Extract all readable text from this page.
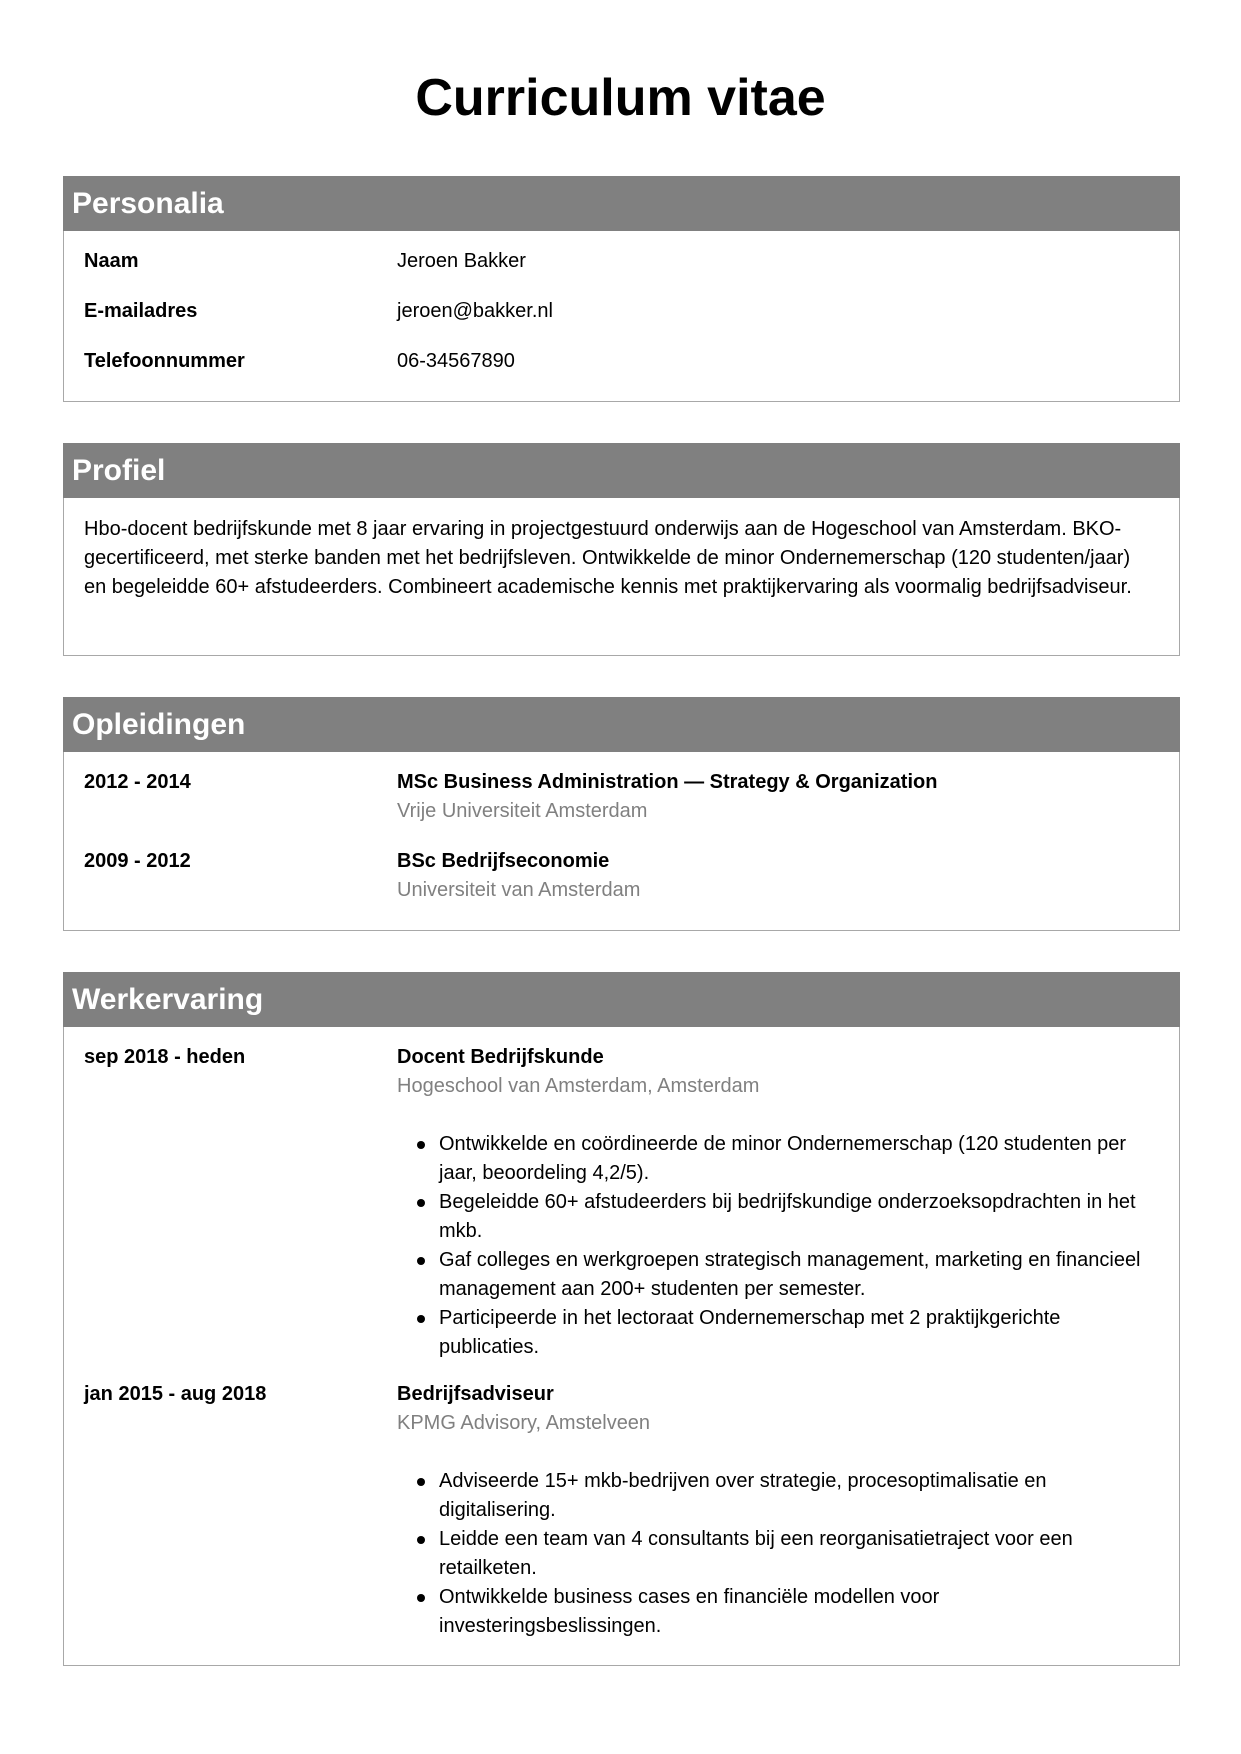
Curriculum vitae
Personalia
Naam	Jeroen Bakker
E-mailadres	jeroen@bakker.nl
Telefoonnummer	06-34567890
Profiel

Hbo-docent bedrijfskunde met 8 jaar ervaring in projectgestuurd onderwijs aan de Hogeschool van Amsterdam. BKO-gecertificeerd, met sterke banden met het bedrijfsleven. Ontwikkelde de minor Ondernemerschap (120 studenten/jaar) en begeleidde 60+ afstudeerders. Combineert academische kennis met praktijkervaring als voormalig bedrijfsadviseur.

Opleidingen
2012 - 2014	MSc Business Administration — Strategy & Organization
Vrije Universiteit Amsterdam
2009 - 2012	BSc Bedrijfseconomie
Universiteit van Amsterdam
Werkervaring
sep 2018 - heden	Docent Bedrijfskunde
Hogeschool van Amsterdam, Amsterdam
Ontwikkelde en coördineerde de minor Ondernemerschap (120 studenten per jaar, beoordeling 4,2/5).
Begeleidde 60+ afstudeerders bij bedrijfskundige onderzoeksopdrachten in het mkb.
Gaf colleges en werkgroepen strategisch management, marketing en financieel management aan 200+ studenten per semester.
Participeerde in het lectoraat Ondernemerschap met 2 praktijkgerichte publicaties.
jan 2015 - aug 2018	Bedrijfsadviseur
KPMG Advisory, Amstelveen
Adviseerde 15+ mkb-bedrijven over strategie, procesoptimalisatie en digitalisering.
Leidde een team van 4 consultants bij een reorganisatietraject voor een retailketen.
Ontwikkelde business cases en financiële modellen voor investeringsbeslissingen.
